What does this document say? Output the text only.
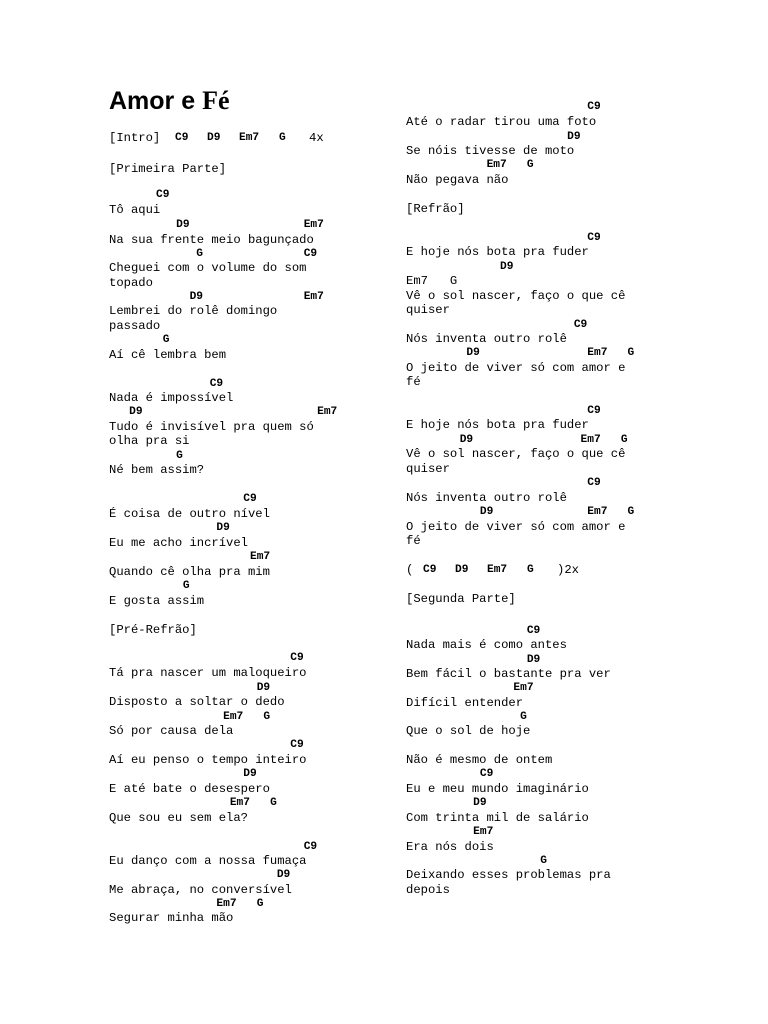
Amor e Fé
[Intro]
[Primeira Parte]
C9
Tô aqui
D9                 Em7
Na sua frente meio bagunçado
G               C9
Cheguei com o volume do som
topado
D9               Em7
Lembrei do rolê domingo
passado
G
Aí cê lembra bem
C9
Nada é impossível
D9                          Em7
Tudo é invisível pra quem só
olha pra si
G
Né bem assim?
C9
É coisa de outro nível
D9
Eu me acho incrível
Em7
Quando cê olha pra mim
G
E gosta assim
[Pré-Refrão]
C9
Tá pra nascer um maloqueiro
D9
Disposto a soltar o dedo
Em7   G
Só por causa dela
C9
Aí eu penso o tempo inteiro
D9
E até bate o desespero
Em7   G
Que sou eu sem ela?
C9
Eu danço com a nossa fumaça
D9
Me abraça, no conversível
Em7   G
Segurar minha mão
C9 D9 Em7 G 4x
C9
Até o radar tirou uma foto
D9
Se nóis tivesse de moto
Em7   G
Não pegava não
[Refrão]
C9
E hoje nós bota pra fuder
D9
Em7   G
Vê o sol nascer, faço o que cê
quiser
C9
Nós inventa outro rolê
D9                Em7   G
O jeito de viver só com amor e
fé
C9
E hoje nós bota pra fuder
D9                Em7   G
Vê o sol nascer, faço o que cê
quiser
C9
Nós inventa outro rolê
D9              Em7   G
O jeito de viver só com amor e
fé
(
[Segunda Parte]
C9
Nada mais é como antes
D9
Bem fácil o bastante pra ver
Em7
Difícil entender
G
Que o sol de hoje
Não é mesmo de ontem
C9
Eu e meu mundo imaginário
D9
Com trinta mil de salário
Em7
Era nós dois
G
Deixando esses problemas pra
depois
C9 D9 Em7 G )2x
